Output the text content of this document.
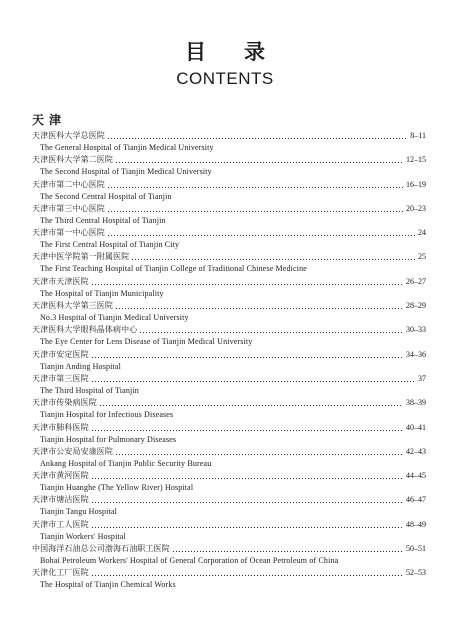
目录
CONTENTS
天津
天津医科大学总医院	8–11
The General Hospital of Tianjin Medical University
天津医科大学第二医院	12–15
The Second Hospital of Tianjin Medical University
天津市第二中心医院	16–19
The Second Central Hospital of Tianjin
天津市第三中心医院	20–23
The Third Central Hospital of Tianjin
天津市第一中心医院	24
The First Central Hospital of Tianjin City
天津中医学院第一附属医院	25
The First Teaching Hospital of Tianjin College of Traditional Chinese Medicine
天津市天津医院	26–27
The Hospital of Tianjin Municipality
天津医科大学第三医院	28–29
No.3 Hospital of Tianjin Medical University
天津医科大学眼科晶体病中心	30–33
The Eye Center for Lens Disease of Tianjin Medical University
天津市安定医院	34–36
Tianjin Anding Hospital
天津市第三医院	37
The Third Hospital of Tianjin
天津市传染病医院	38–39
Tianjin Hospital for Infectious Diseases
天津市肺科医院	40–41
Tianjin Hospital for Pulmonary Diseases
天津市公安局安康医院	42–43
Ankang Hospital of Tianjin Public Security Bureau
天津市黄河医院	44–45
Tianjin Huanghe (The Yellow River) Hospital
天津市塘沽医院	46–47
Tianjin Tangu Hospital
天津市工人医院	48–49
Tianjin Workers' Hospital
中国海洋石油总公司渤海石油职工医院	50–51
Bohai Petroleum Workers' Hospital of General Corporation of Ocean Petroleum of China
天津化工厂医院	52–53
The Hospital of Tianjin Chemical Works
